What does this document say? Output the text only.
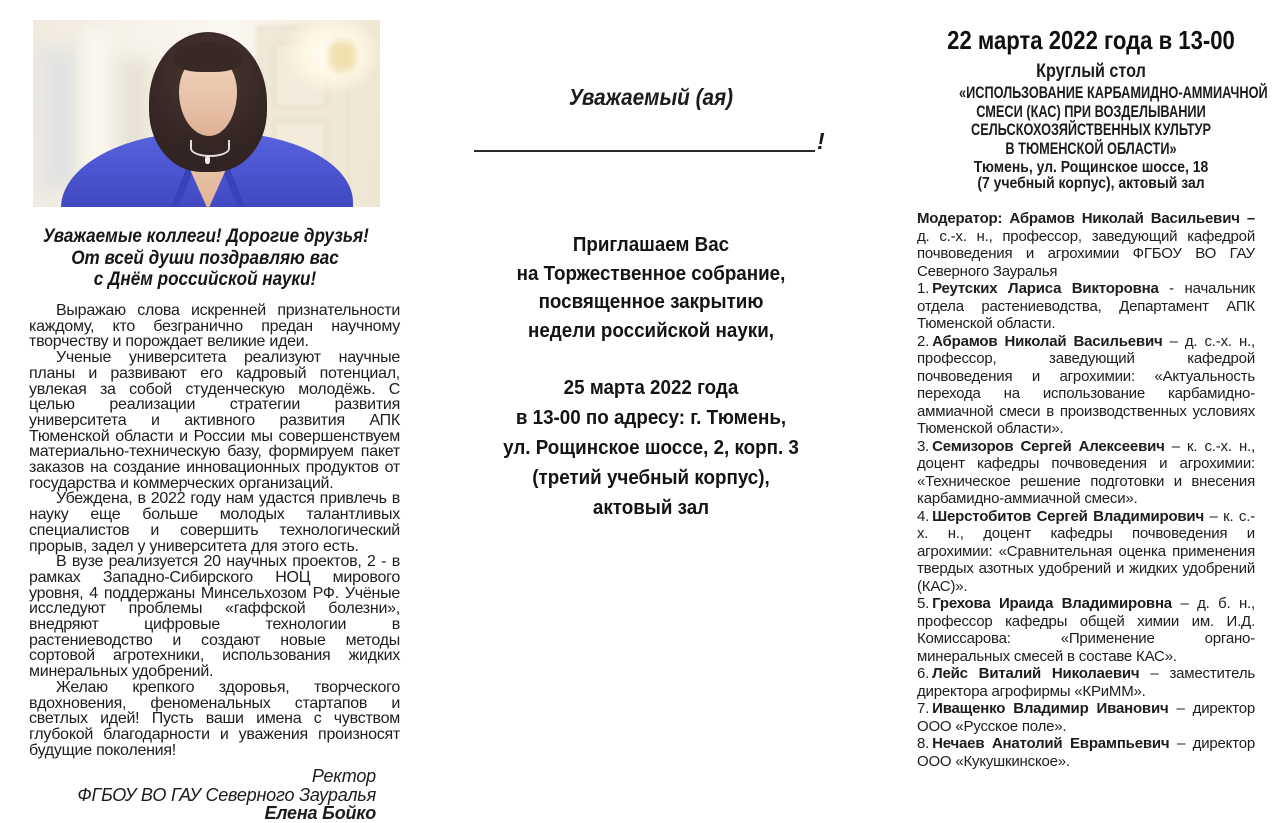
Уважаемые коллеги! Дорогие друзья!
От всей души поздравляю вас
с Днём российской науки!

Выражаю слова искренней признательности каждому, кто безгранично предан научному творчеству и порождает великие идеи.

Ученые университета реализуют научные планы и развивают его кадровый потенциал, увлекая за собой студенческую молодёжь. С целью реализации стратегии развития университета и активного развития АПК Тюменской области и России мы совершенствуем материально-техническую базу, формируем пакет заказов на создание инновационных продуктов от государства и коммерческих организаций.

Убеждена, в 2022 году нам удастся привлечь в науку еще больше молодых талантливых специалистов и совершить технологический прорыв, задел у университета для этого есть.

В вузе реализуется 20 научных проектов, 2 - в рамках Западно-Сибирского НОЦ мирового уровня, 4 поддержаны Минсельхозом РФ. Учёные исследуют проблемы «гаффской болезни», внедряют цифровые технологии в растениеводство и создают новые методы сортовой агротехники, использования жидких минеральных удобрений.

Желаю крепкого здоровья, творческого вдохновения, феноменальных стартапов и светлых идей! Пусть ваши имена с чувством глубокой благодарности и уважения произносят будущие поколения!

Ректор
ФГБОУ ВО ГАУ Северного Зауралья
Елена Бойко
Уважаемый (ая)
!
Приглашаем Вас
на Торжественное собрание,
посвященное закрытию
недели российской науки,
25 марта 2022 года
в 13-00 по адресу: г. Тюмень,
ул. Рощинское шоссе, 2, корп. 3
(третий учебный корпус),
актовый зал
22 марта 2022 года в 13-00
Круглый стол
«ИСПОЛЬЗОВАНИЕ КАРБАМИДНО-АММИАЧНОЙ
СМЕСИ (КАС) ПРИ ВОЗДЕЛЫВАНИИ
СЕЛЬСКОХОЗЯЙСТВЕННЫХ КУЛЬТУР
В ТЮМЕНСКОЙ ОБЛАСТИ»
Тюмень, ул. Рощинское шоссе, 18
(7 учебный корпус), актовый зал

Модератор: Абрамов Николай Васильевич – д. с.-х. н., профессор, заведующий кафедрой почвоведения и агрохимии ФГБОУ ВО ГАУ Северного Зауралья

1. Реутских Лариса Викторовна - начальник отдела растениеводства, Департамент АПК Тюменской области.

2. Абрамов Николай Васильевич – д. с.-х. н., профессор, заведующий кафедрой почвоведения и агрохимии: «Актуальность перехода на использование карбамидно-аммиачной смеси в производственных условиях Тюменской области».

3. Семизоров Сергей Алексеевич – к. с.-х. н., доцент кафедры почвоведения и агрохимии: «Техническое решение подготовки и внесения карбамидно-аммиачной смеси».

4. Шерстобитов Сергей Владимирович – к. с.-х. н., доцент кафедры почвоведения и агрохимии: «Сравнительная оценка применения твердых азотных удобрений и жидких удобрений (КАС)».

5. Грехова Ираида Владимировна – д. б. н., профессор кафедры общей химии им. И.Д. Комиссарова: «Применение органо-минеральных смесей в составе КАС».

6. Лейс Виталий Николаевич – заместитель директора агрофирмы «КРиММ».

7. Иващенко Владимир Иванович – директор ООО «Русское поле».

8. Нечаев Анатолий Еврампьевич – директор ООО «Кукушкинское».
